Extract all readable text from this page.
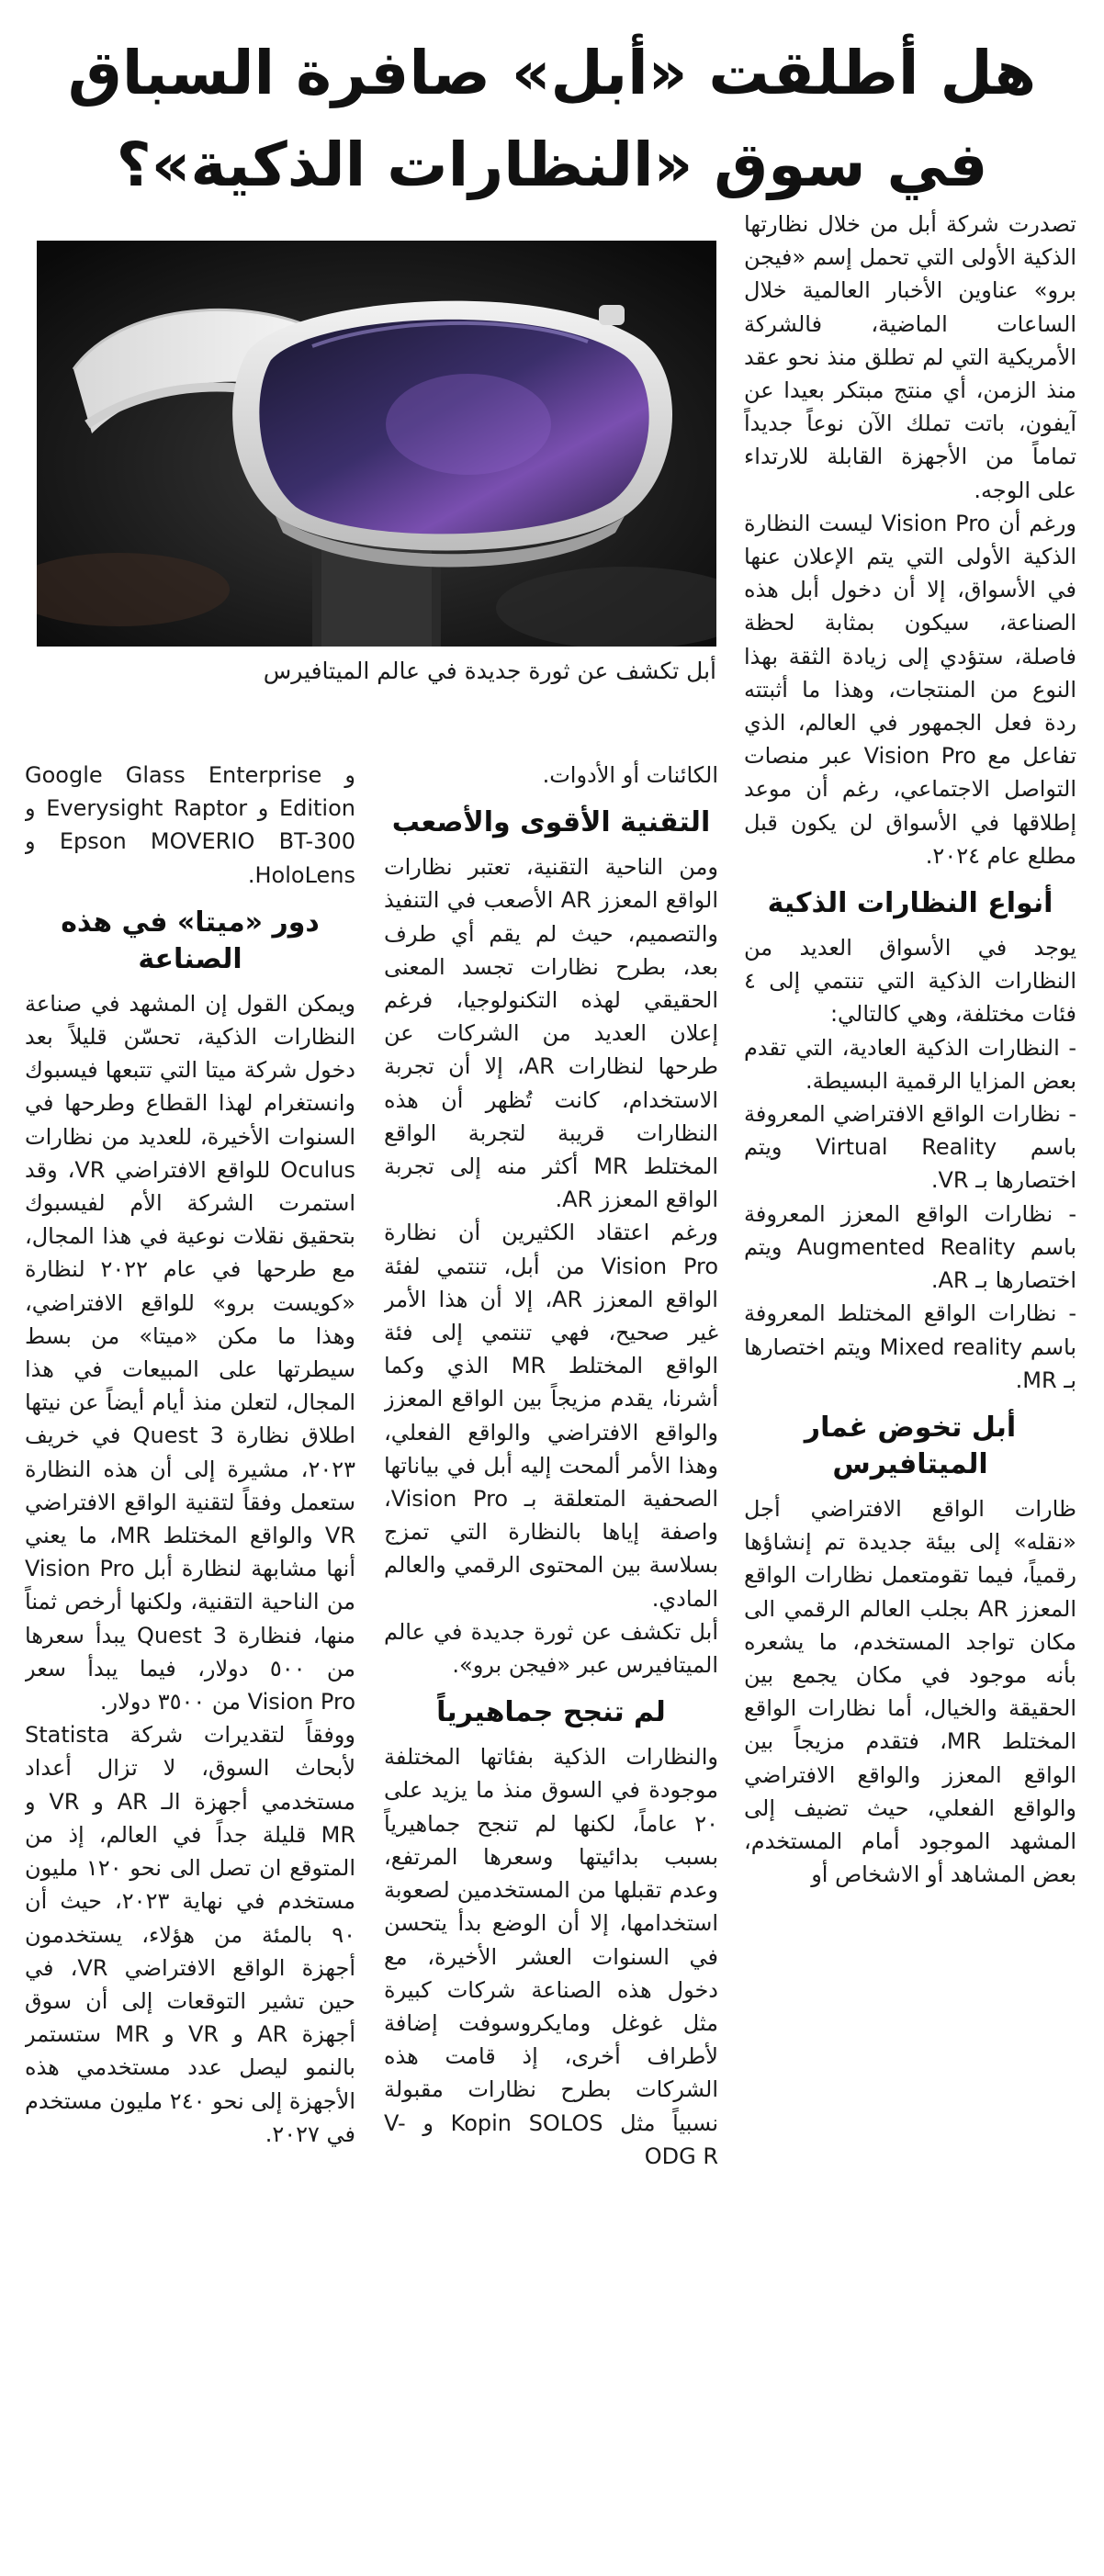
هل أطلقت «أبل» صافرة السباق
في سوق «النظارات الذكية»؟
أبل تكشف عن ثورة جديدة في عالم الميتافيرس

تصدرت شركة أبل من خلال نظارتها الذكية الأولى التي تحمل إسم «فيجن برو» عناوين الأخبار العالمية خلال الساعات الماضية، فالشركة الأمريكية التي لم تطلق منذ نحو عقد منذ الزمن، أي منتج مبتكر بعيدا عن آيفون، باتت تملك الآن نوعاً جديداً تماماً من الأجهزة القابلة للارتداء على الوجه.

ورغم أن Vision Pro ليست النظارة الذكية الأولى التي يتم الإعلان عنها في الأسواق، إلا أن دخول أبل هذه الصناعة، سيكون بمثابة لحظة فاصلة، ستؤدي إلى زيادة الثقة بهذا النوع من المنتجات، وهذا ما أثبتته ردة فعل الجمهور في العالم، الذي تفاعل مع Vision Pro عبر منصات التواصل الاجتماعي، رغم أن موعد إطلاقها في الأسواق لن يكون قبل مطلع عام ٢٠٢٤.

أنواع النظارات الذكية

يوجد في الأسواق العديد من النظارات الذكية التي تنتمي إلى ٤ فئات مختلفة، وهي كالتالي:

- النظارات الذكية العادية، التي تقدم بعض المزايا الرقمية البسيطة.

- نظارات الواقع الافتراضي المعروفة باسم Virtual Reality ويتم اختصارها بـ VR.

- نظارات الواقع المعزز المعروفة باسم Augmented Reality ويتم اختصارها بـ AR.

- نظارات الواقع المختلط المعروفة باسم Mixed reality ويتم اختصارها بـ MR.

أبل تخوض غمار الميتافيرس

ظارات الواقع الافتراضي أجل «نقله» إلى بيئة جديدة تم إنشاؤها رقمياً، فيما تقومتعمل نظارات الواقع المعزز AR بجلب العالم الرقمي الى مكان تواجد المستخدم، ما يشعره بأنه موجود في مكان يجمع بين الحقيقة والخيال، أما نظارات الواقع المختلط MR، فتقدم مزيجاً بين الواقع المعزز والواقع الافتراضي والواقع الفعلي، حيث تضيف إلى المشهد الموجود أمام المستخدم، بعض المشاهد أو الاشخاص أو

الكائنات أو الأدوات.

التقنية الأقوى والأصعب

ومن الناحية التقنية، تعتبر نظارات الواقع المعزز AR الأصعب في التنفيذ والتصميم، حيث لم يقم أي طرف بعد، بطرح نظارات تجسد المعنى الحقيقي لهذه التكنولوجيا، فرغم إعلان العديد من الشركات عن طرحها لنظارات AR، إلا أن تجربة الاستخدام، كانت تُظهر أن هذه النظارات قريبة لتجربة الواقع المختلط MR أكثر منه إلى تجربة الواقع المعزز AR.

ورغم اعتقاد الكثيرين أن نظارة Vision Pro من أبل، تنتمي لفئة الواقع المعزز AR، إلا أن هذا الأمر غير صحيح، فهي تنتمي إلى فئة الواقع المختلط MR الذي وكما أشرنا، يقدم مزيجاً بين الواقع المعزز والواقع الافتراضي والواقع الفعلي، وهذا الأمر ألمحت إليه أبل في بياناتها الصحفية المتعلقة بـ Vision Pro، واصفة إياها بالنظارة التي تمزج بسلاسة بين المحتوى الرقمي والعالم المادي.

أبل تكشف عن ثورة جديدة في عالم الميتافيرس عبر «فيجن برو».

لم تنجح جماهيرياً

والنظارات الذكية بفئاتها المختلفة موجودة في السوق منذ ما يزيد على ٢٠ عاماً، لكنها لم تنجح جماهيرياً بسبب بدائيتها وسعرها المرتفع، وعدم تقبلها من المستخدمين لصعوبة استخدامها، إلا أن الوضع بدأ يتحسن في السنوات العشر الأخيرة، مع دخول هذه الصناعة شركات كبيرة مثل غوغل ومايكروسوفت إضافة لأطراف أخرى، إذ قامت هذه الشركات بطرح نظارات مقبولة نسبياً مثل Kopin SOLOS و V-ODG R

و Google Glass Enterprise Edition و Everysight Raptor و Epson MOVERIO BT-300 و HoloLens.

دور «ميتا» في هذه الصناعة

ويمكن القول إن المشهد في صناعة النظارات الذكية، تحسّن قليلاً بعد دخول شركة ميتا التي تتبعها فيسبوك وانستغرام لهذا القطاع وطرحها في السنوات الأخيرة، للعديد من نظارات Oculus للواقع الافتراضي VR، وقد استمرت الشركة الأم لفيسبوك بتحقيق نقلات نوعية في هذا المجال، مع طرحها في عام ٢٠٢٢ لنظارة «كويست برو» للواقع الافتراضي، وهذا ما مكن «ميتا» من بسط سيطرتها على المبيعات في هذا المجال، لتعلن منذ أيام أيضاً عن نيتها اطلاق نظارة Quest 3 في خريف ٢٠٢٣، مشيرة إلى أن هذه النظارة ستعمل وفقاً لتقنية الواقع الافتراضي VR والواقع المختلط MR، ما يعني أنها مشابهة لنظارة أبل Vision Pro من الناحية التقنية، ولكنها أرخص ثمناً منها، فنظارة Quest 3 يبدأ سعرها من ٥٠٠ دولار، فيما يبدأ سعر Vision Pro من ٣٥٠٠ دولار.

ووفقاً لتقديرات شركة Statista لأبحاث السوق، لا تزال أعداد مستخدمي أجهزة الـ AR و VR و MR قليلة جداً في العالم، إذ من المتوقع ان تصل الى نحو ١٢٠ مليون مستخدم في نهاية ٢٠٢٣، حيث أن ٩٠ بالمئة من هؤلاء، يستخدمون أجهزة الواقع الافتراضي VR، في حين تشير التوقعات إلى أن سوق أجهزة AR و VR و MR ستستمر بالنمو ليصل عدد مستخدمي هذه الأجهزة إلى نحو ٢٤٠ مليون مستخدم في ٢٠٢٧.
